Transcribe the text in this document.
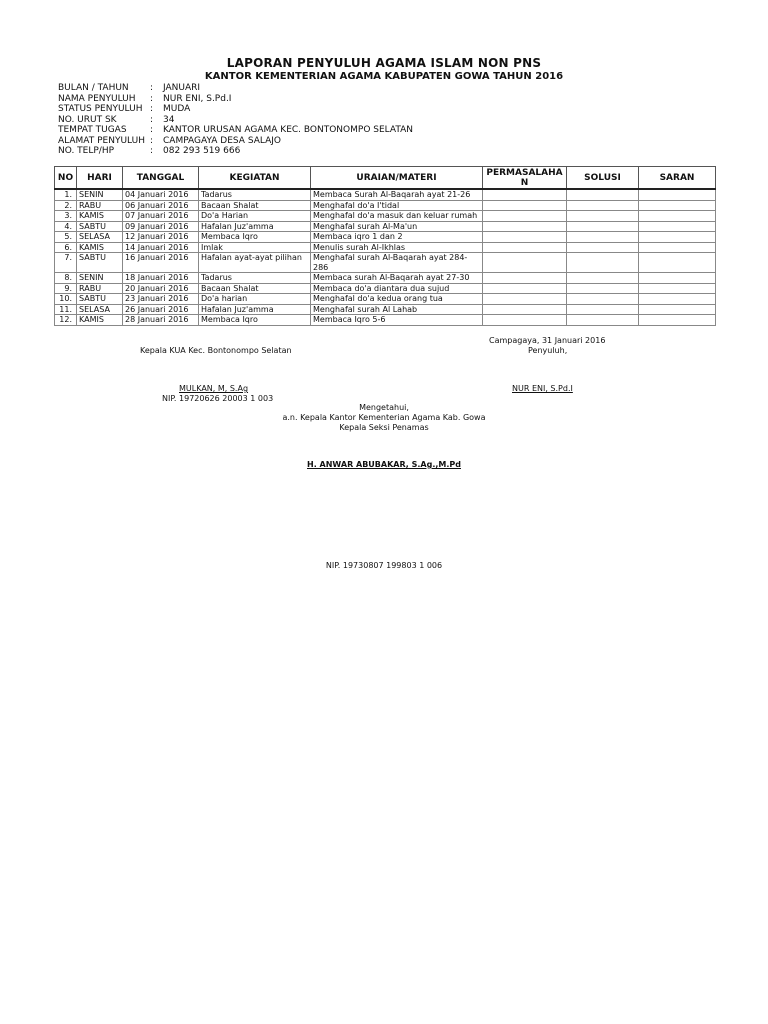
LAPORAN PENYULUH AGAMA ISLAM NON PNS
KANTOR KEMENTERIAN AGAMA KABUPATEN GOWA TAHUN 2016
BULAN / TAHUN : JANUARI
NAMA PENYULUH : NUR ENI, S.Pd.I
STATUS PENYULUH : MUDA
NO. URUT SK	: 34
TEMPAT TUGAS	: KANTOR URUSAN AGAMA KEC. BONTONOMPO SELATAN
ALAMAT PENYULUH : CAMPAGAYA DESA SALAJO
NO. TELP/HP	: 082 293 519 666
NO	HARI	TANGGAL	KEGIATAN	URAIAN/MATERI	PERMASALAHAN	SOLUSI	SARAN
1.	SENIN	04 Januari 2016	Tadarus	Membaca Surah Al-Baqarah ayat 21-26			
2.	RABU	06 Januari 2016	Bacaan Shalat	Menghafal do'a I'tidal			
3.	KAMIS	07 Januari 2016	Do'a Harian	Menghafal do'a masuk dan keluar rumah			
4.	SABTU	09 Januari 2016	Hafalan Juz'amma	Menghafal surah Al-Ma'un			
5.	SELASA	12 Januari 2016	Membaca Iqro	Membaca iqro 1 dan 2			
6.	KAMIS	14 Januari 2016	Imlak	Menulis surah Al-Ikhlas			
7.	SABTU	16 Januari 2016	Hafalan ayat-ayat pilihan	Menghafal surah Al-Baqarah ayat 284-286			
8.	SENIN	18 Januari 2016	Tadarus	Membaca surah Al-Baqarah ayat 27-30			
9.	RABU	20 Januari 2016	Bacaan Shalat	Membaca do'a diantara dua sujud			
10.	SABTU	23 Januari 2016	Do'a harian	Menghafal do'a kedua orang tua			
11.	SELASA	26 Januari 2016	Hafalan Juz'amma	Menghafal surah Al Lahab			
12.	KAMIS	28 Januari 2016	Membaca Iqro	Membaca Iqro 5-6			
Kepala KUA Kec. Bontonompo Selatan
MULKAN, M, S.Ag
NIP. 19720626 20003 1 003
Campagaya, 31 Januari 2016
Penyuluh,
NUR ENI, S.Pd.I
Mengetahui,
a.n. Kepala Kantor Kementerian Agama Kab. Gowa
Kepala Seksi Penamas
H. ANWAR ABUBAKAR, S.Ag.,M.Pd
NIP. 19730807 199803 1 006
